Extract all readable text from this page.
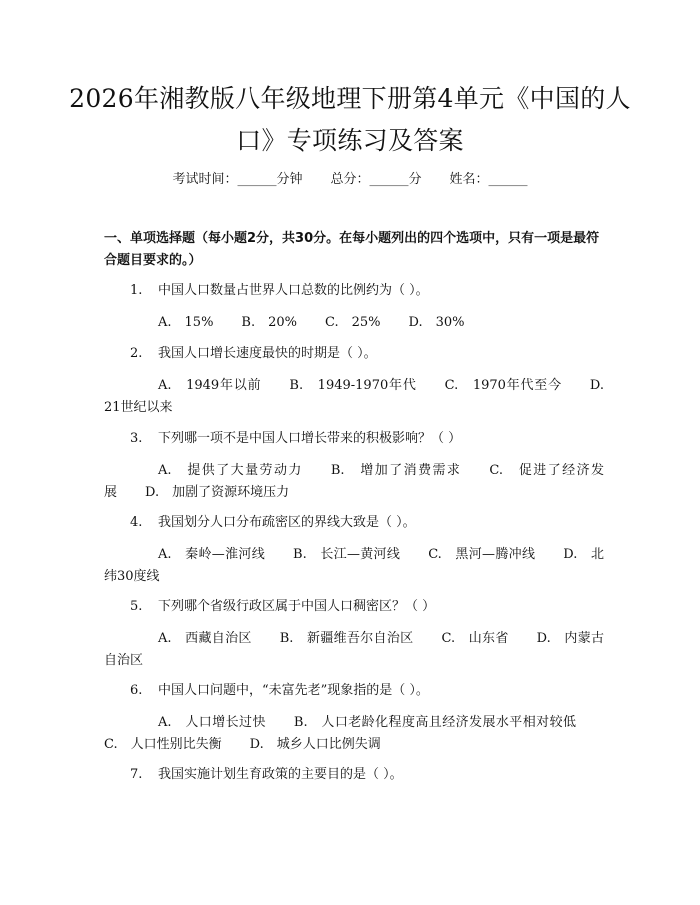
2026年湘教版八年级地理下册第4单元《中国的人口》专项练习及答案
考试时间：______分钟 总分：______分 姓名：______
一、单项选择题（每小题2分，共30分。在每小题列出的四个选项中，只有一项是最符合题目要求的。）
1. 中国人口数量占世界人口总数的比例约为（ ）。
A.　15% B.　20% C.　25% D.　30%
2. 我国人口增长速度最快的时期是（ ）。
A.　1949年以前 B.　1949-1970年代 C.　1970年代至今 D.　21世纪以来
3. 下列哪一项不是中国人口增长带来的积极影响？（ ）
A.　提供了大量劳动力 B.　增加了消费需求 C.　促进了经济发展 D.　加剧了资源环境压力
4. 我国划分人口分布疏密区的界线大致是（ ）。
A.　秦岭—淮河线 B.　长江—黄河线 C.　黑河—腾冲线 D.　北纬30度线
5. 下列哪个省级行政区属于中国人口稠密区？（ ）
A.　西藏自治区 B.　新疆维吾尔自治区 C.　山东省 D.　内蒙古自治区
6. 中国人口问题中，“未富先老”现象指的是（ ）。
A.　人口增长过快 B.　人口老龄化程度高且经济发展水平相对较低C.　人口性别比失衡 D.　城乡人口比例失调
7. 我国实施计划生育政策的主要目的是（ ）。
